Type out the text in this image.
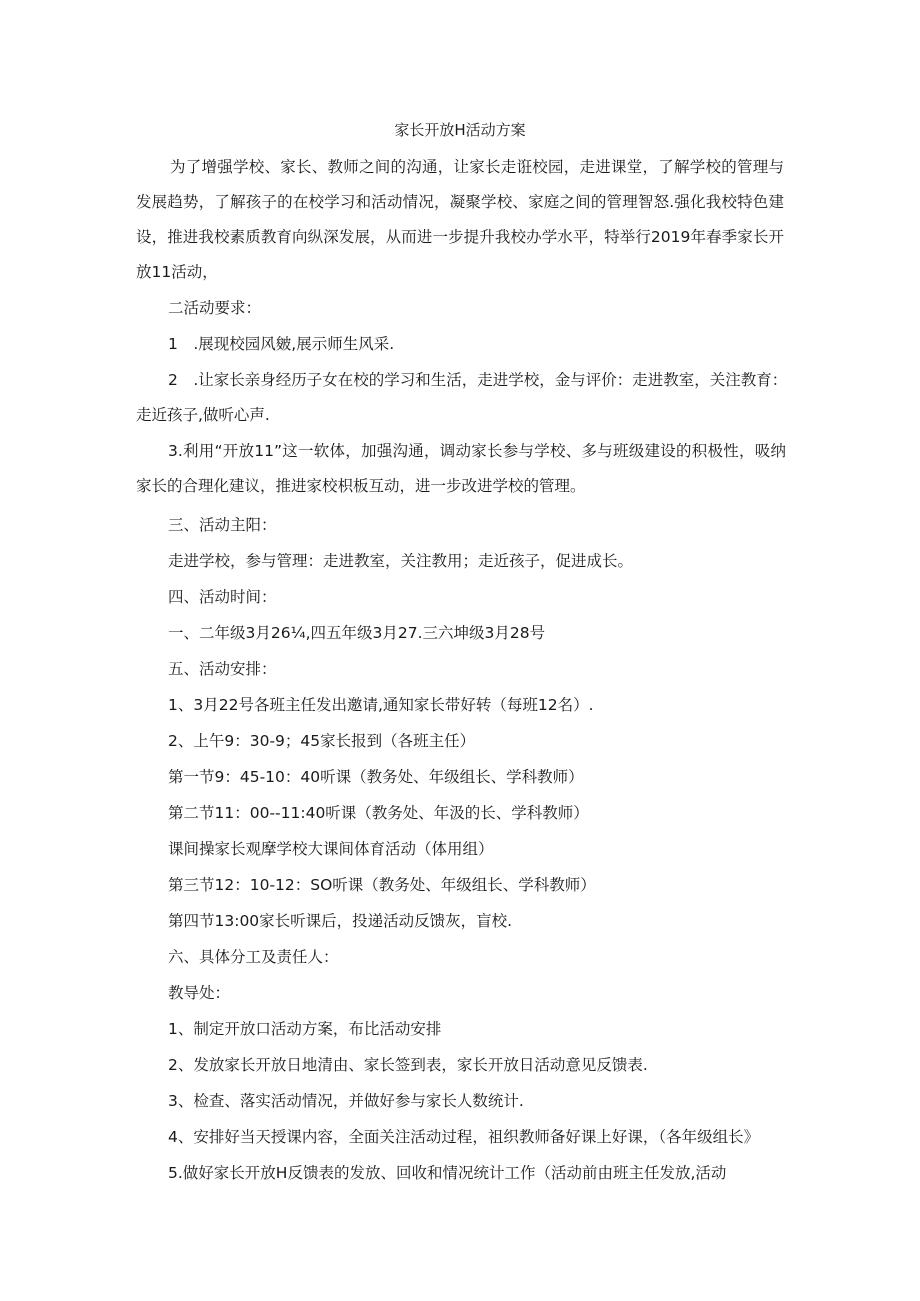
家长开放H活动方案

为了增强学校、家长、教师之间的沟通，让家长走诳校园，走进课堂，了解学校的管理与发展趋势，了解孩子的在校学习和活动情况，凝聚学校、家庭之间的管理智怒.强化我校特色建设，推进我校素质教育向纵深发展，从而进一步提升我校办学水平，特举行2019年春季家长开放11活动，

二活动要求：

1　.展现校园风皴,展示师生风采.

2　.让家长亲身经历子女在校的学习和生活，走进学校，金与评价：走进教室，关注教育：

走近孩子,做听心声.

3.利用“开放11”这一软体，加强沟通，调动家长参与学校、多与班级建设的积极性，吸纳家长的合理化建议，推进家校枳板互动，进一步改进学校的管理。

三、活动主阳：

走进学校，参与管理：走进教室，关注教用；走近孩子，促进成长。

四、活动时间：

一、二年级3月26¼,四五年级3月27.三六坤级3月28号

五、活动安排：

1、3月22号各班主任发出邀请,通知家长带好转（每班12名）.

2、上午9：30-9；45家长报到（各班主任）

第一节9：45-10：40听课（教务处、年级组长、学科教师）

第二节11：00--11:40听课（教务处、年汲的长、学科教师）

课间操家长观摩学校大课间体育活动（体用组）

第三节12：10-12：SO听课（教务处、年级组长、学科教师）

第四节13:00家长听课后，投递活动反馈灰，盲校.

六、具体分工及责任人：

教导处：

1、制定开放口活动方案，布比活动安排

2、发放家长开放日地清由、家长签到表，家长开放日活动意见反馈表.

3、检查、落实活动情况，并做好参与家长人数统计.

4、安排好当天授课内容，全面关注活动过程，祖织教师备好课上好课，（各年级组长》

5.做好家长开放H反馈表的发放、回收和情况统计工作（活动前由班主任发放,活动
